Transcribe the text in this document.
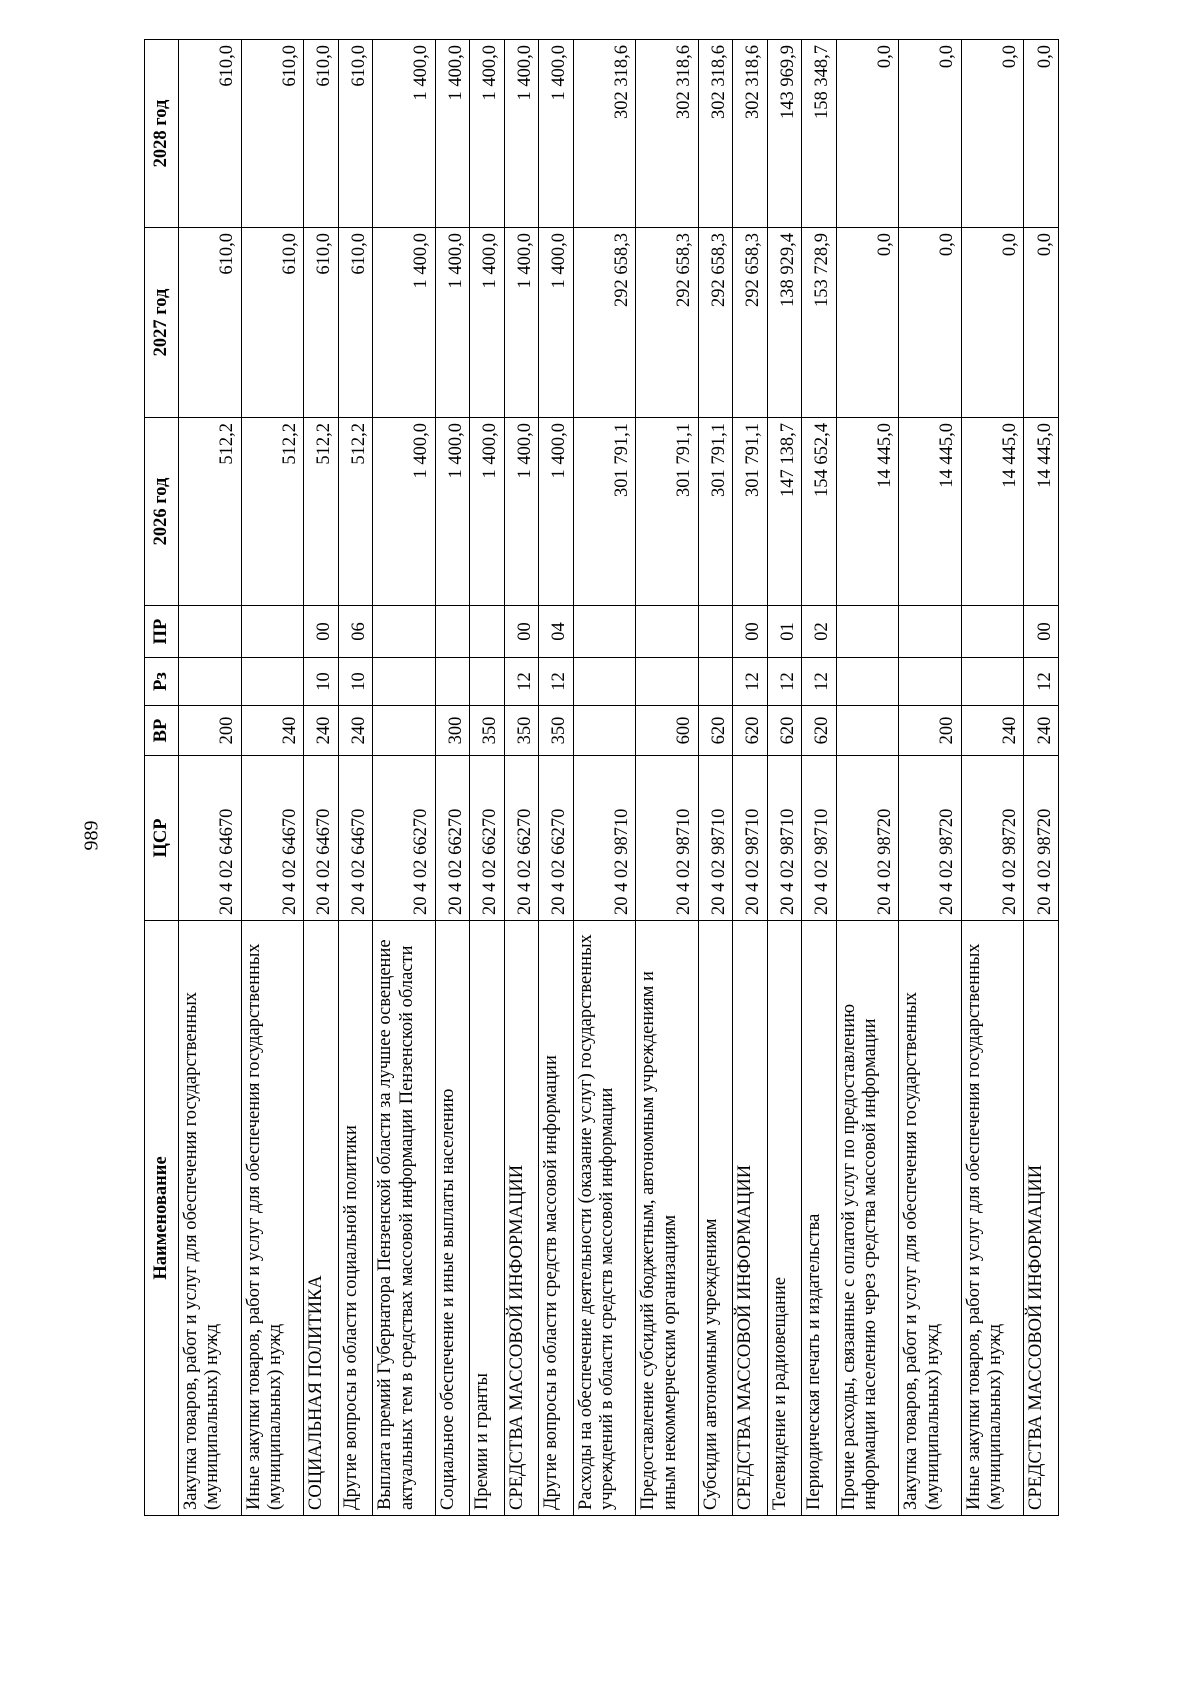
989
Наименование	ЦСР	ВР	Рз	ПР	2026 год	2027 год	2028 год
Закупка товаров, работ и услуг для обеспечения государственных (муниципальных) нужд	20 4 02 64670	200			512,2	610,0	610,0
Иные закупки товаров, работ и услуг для обеспечения государственных (муниципальных) нужд	20 4 02 64670	240			512,2	610,0	610,0
СОЦИАЛЬНАЯ ПОЛИТИКА	20 4 02 64670	240	10	00	512,2	610,0	610,0
Другие вопросы в области социальной политики	20 4 02 64670	240	10	06	512,2	610,0	610,0
Выплата премий Губернатора Пензенской области за лучшее освещение актуальных тем в средствах массовой информации Пензенской области	20 4 02 66270				1 400,0	1 400,0	1 400,0
Социальное обеспечение и иные выплаты населению	20 4 02 66270	300			1 400,0	1 400,0	1 400,0
Премии и гранты	20 4 02 66270	350			1 400,0	1 400,0	1 400,0
СРЕДСТВА МАССОВОЙ ИНФОРМАЦИИ	20 4 02 66270	350	12	00	1 400,0	1 400,0	1 400,0
Другие вопросы в области средств массовой информации	20 4 02 66270	350	12	04	1 400,0	1 400,0	1 400,0
Расходы на обеспечение деятельности (оказание услуг) государственных учреждений в области средств массовой информации	20 4 02 98710				301 791,1	292 658,3	302 318,6
Предоставление субсидий бюджетным, автономным учреждениям и иным некоммерческим организациям	20 4 02 98710	600			301 791,1	292 658,3	302 318,6
Субсидии автономным учреждениям	20 4 02 98710	620			301 791,1	292 658,3	302 318,6
СРЕДСТВА МАССОВОЙ ИНФОРМАЦИИ	20 4 02 98710	620	12	00	301 791,1	292 658,3	302 318,6
Телевидение и радиовещание	20 4 02 98710	620	12	01	147 138,7	138 929,4	143 969,9
Периодическая печать и издательства	20 4 02 98710	620	12	02	154 652,4	153 728,9	158 348,7
Прочие расходы, связанные с оплатой услуг по предоставлению информации населению через средства массовой информации	20 4 02 98720				14 445,0	0,0	0,0
Закупка товаров, работ и услуг для обеспечения государственных (муниципальных) нужд	20 4 02 98720	200			14 445,0	0,0	0,0
Иные закупки товаров, работ и услуг для обеспечения государственных (муниципальных) нужд	20 4 02 98720	240			14 445,0	0,0	0,0
СРЕДСТВА МАССОВОЙ ИНФОРМАЦИИ	20 4 02 98720	240	12	00	14 445,0	0,0	0,0
